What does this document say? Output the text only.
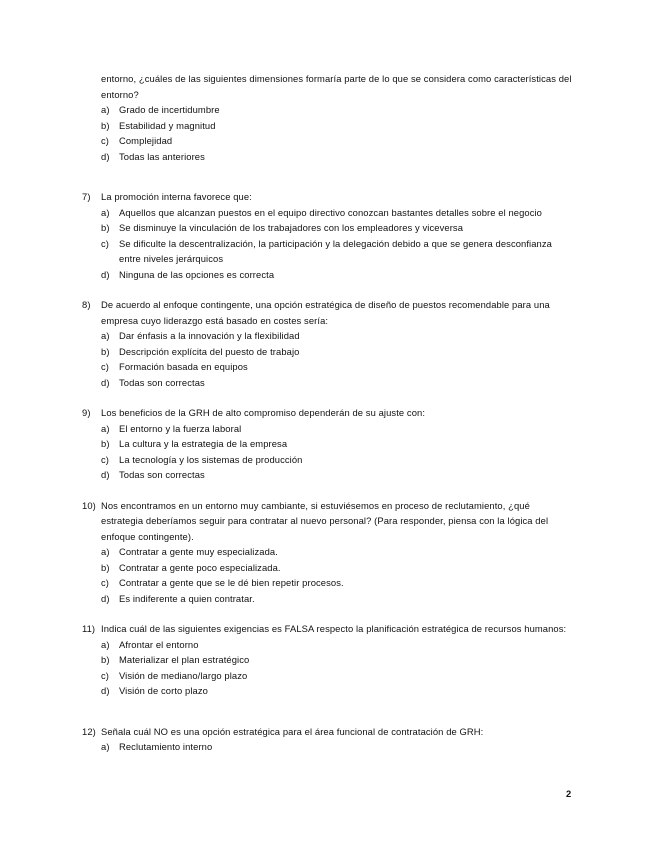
entorno, ¿cuáles de las siguientes dimensiones formaría parte de lo que se considera como características del entorno?
a)	Grado de incertidumbre
b)	Estabilidad y magnitud
c)	Complejidad
d)	Todas las anteriores
7)	La promoción interna favorece que:
a)	Aquellos que alcanzan puestos en el equipo directivo conozcan bastantes detalles sobre el negocio
b)	Se disminuye la vinculación de los trabajadores con los empleadores y viceversa
c)	Se dificulte la descentralización, la participación y la delegación debido a que se genera desconfianza entre niveles jerárquicos
d)	Ninguna de las opciones es correcta
8)	De acuerdo al enfoque contingente, una opción estratégica de diseño de puestos recomendable para una empresa cuyo liderazgo está basado en costes sería:
a)	Dar énfasis a la innovación y la flexibilidad
b)	Descripción explícita del puesto de trabajo
c)	Formación basada en equipos
d)	Todas son correctas
9)	Los beneficios de la GRH de alto compromiso dependerán de su ajuste con:
a)	El entorno y la fuerza laboral
b)	La cultura y la estrategia de la empresa
c)	La tecnología y los sistemas de producción
d)	Todas son correctas
10) Nos encontramos en un entorno muy cambiante, si estuviésemos en proceso de reclutamiento, ¿qué estrategia deberíamos seguir para contratar al nuevo personal? (Para responder, piensa con la lógica del enfoque contingente).
a)	Contratar a gente muy especializada.
b)	Contratar a gente poco especializada.
c)	Contratar a gente que se le dé bien repetir procesos.
d)	Es indiferente a quien contratar.
11) Indica cuál de las siguientes exigencias es FALSA respecto la planificación estratégica de recursos humanos:
a)	Afrontar el entorno
b)	Materializar el plan estratégico
c)	Visión de mediano/largo plazo
d)	Visión de corto plazo
12) Señala cuál NO es una opción estratégica para el área funcional de contratación de GRH:
a)	Reclutamiento interno
2
